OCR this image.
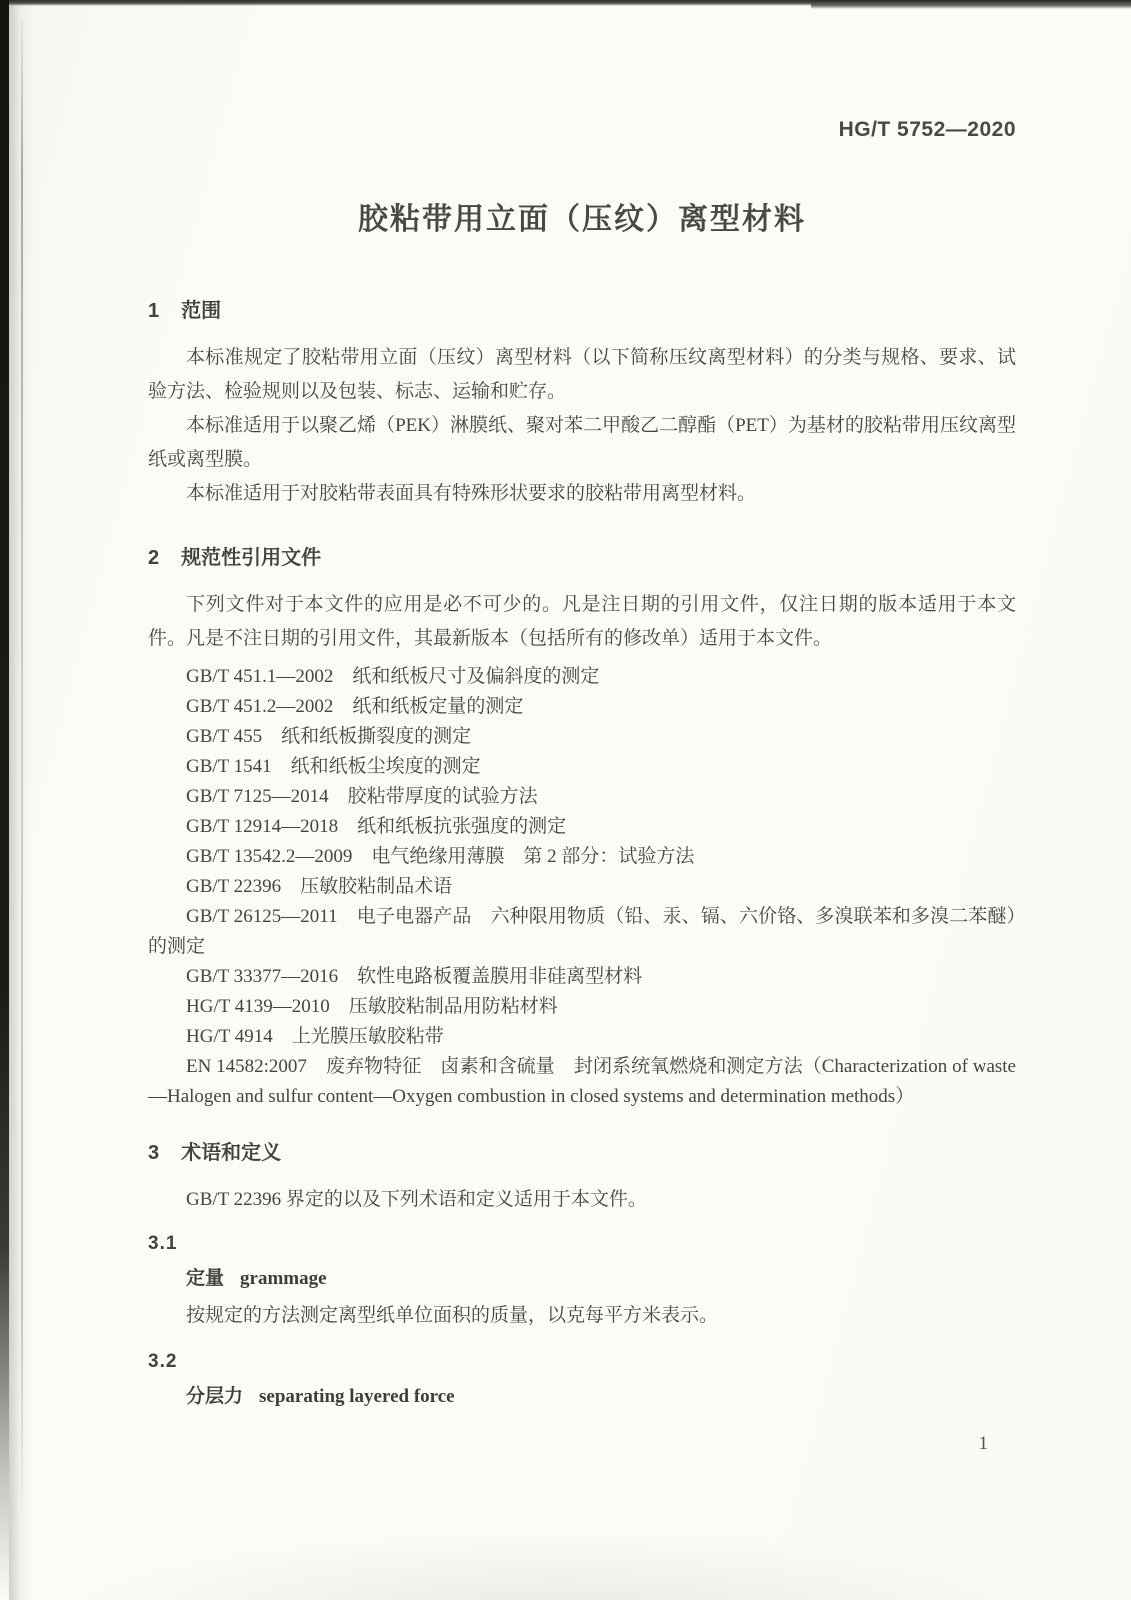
HG/T 5752—2020

胶粘带用立面（压纹）离型材料
1 范围

本标准规定了胶粘带用立面（压纹）离型材料（以下简称压纹离型材料）的分类与规格、要求、试验方法、检验规则以及包装、标志、运输和贮存。

本标准适用于以聚乙烯（PEK）淋膜纸、聚对苯二甲酸乙二醇酯（PET）为基材的胶粘带用压纹离型纸或离型膜。

本标准适用于对胶粘带表面具有特殊形状要求的胶粘带用离型材料。

2 规范性引用文件

下列文件对于本文件的应用是必不可少的。凡是注日期的引用文件，仅注日期的版本适用于本文件。凡是不注日期的引用文件，其最新版本（包括所有的修改单）适用于本文件。

GB/T 451.1—2002　纸和纸板尺寸及偏斜度的测定

GB/T 451.2—2002　纸和纸板定量的测定

GB/T 455　纸和纸板撕裂度的测定

GB/T 1541　纸和纸板尘埃度的测定

GB/T 7125—2014　胶粘带厚度的试验方法

GB/T 12914—2018　纸和纸板抗张强度的测定

GB/T 13542.2—2009　电气绝缘用薄膜　第 2 部分：试验方法

GB/T 22396　压敏胶粘制品术语

GB/T 26125—2011　电子电器产品　六种限用物质（铅、汞、镉、六价铬、多溴联苯和多溴二苯醚）的测定

GB/T 33377—2016　软性电路板覆盖膜用非硅离型材料

HG/T 4139—2010　压敏胶粘制品用防粘材料

HG/T 4914　上光膜压敏胶粘带

EN 14582:2007　废弃物特征　卤素和含硫量　封闭系统氧燃烧和测定方法（Characterization of waste—Halogen and sulfur content—Oxygen combustion in closed systems and determination methods）

3 术语和定义

GB/T 22396 界定的以及下列术语和定义适用于本文件。

3.1

定量 grammage

按规定的方法测定离型纸单位面积的质量，以克每平方米表示。

3.2

分层力 separating layered force

1
